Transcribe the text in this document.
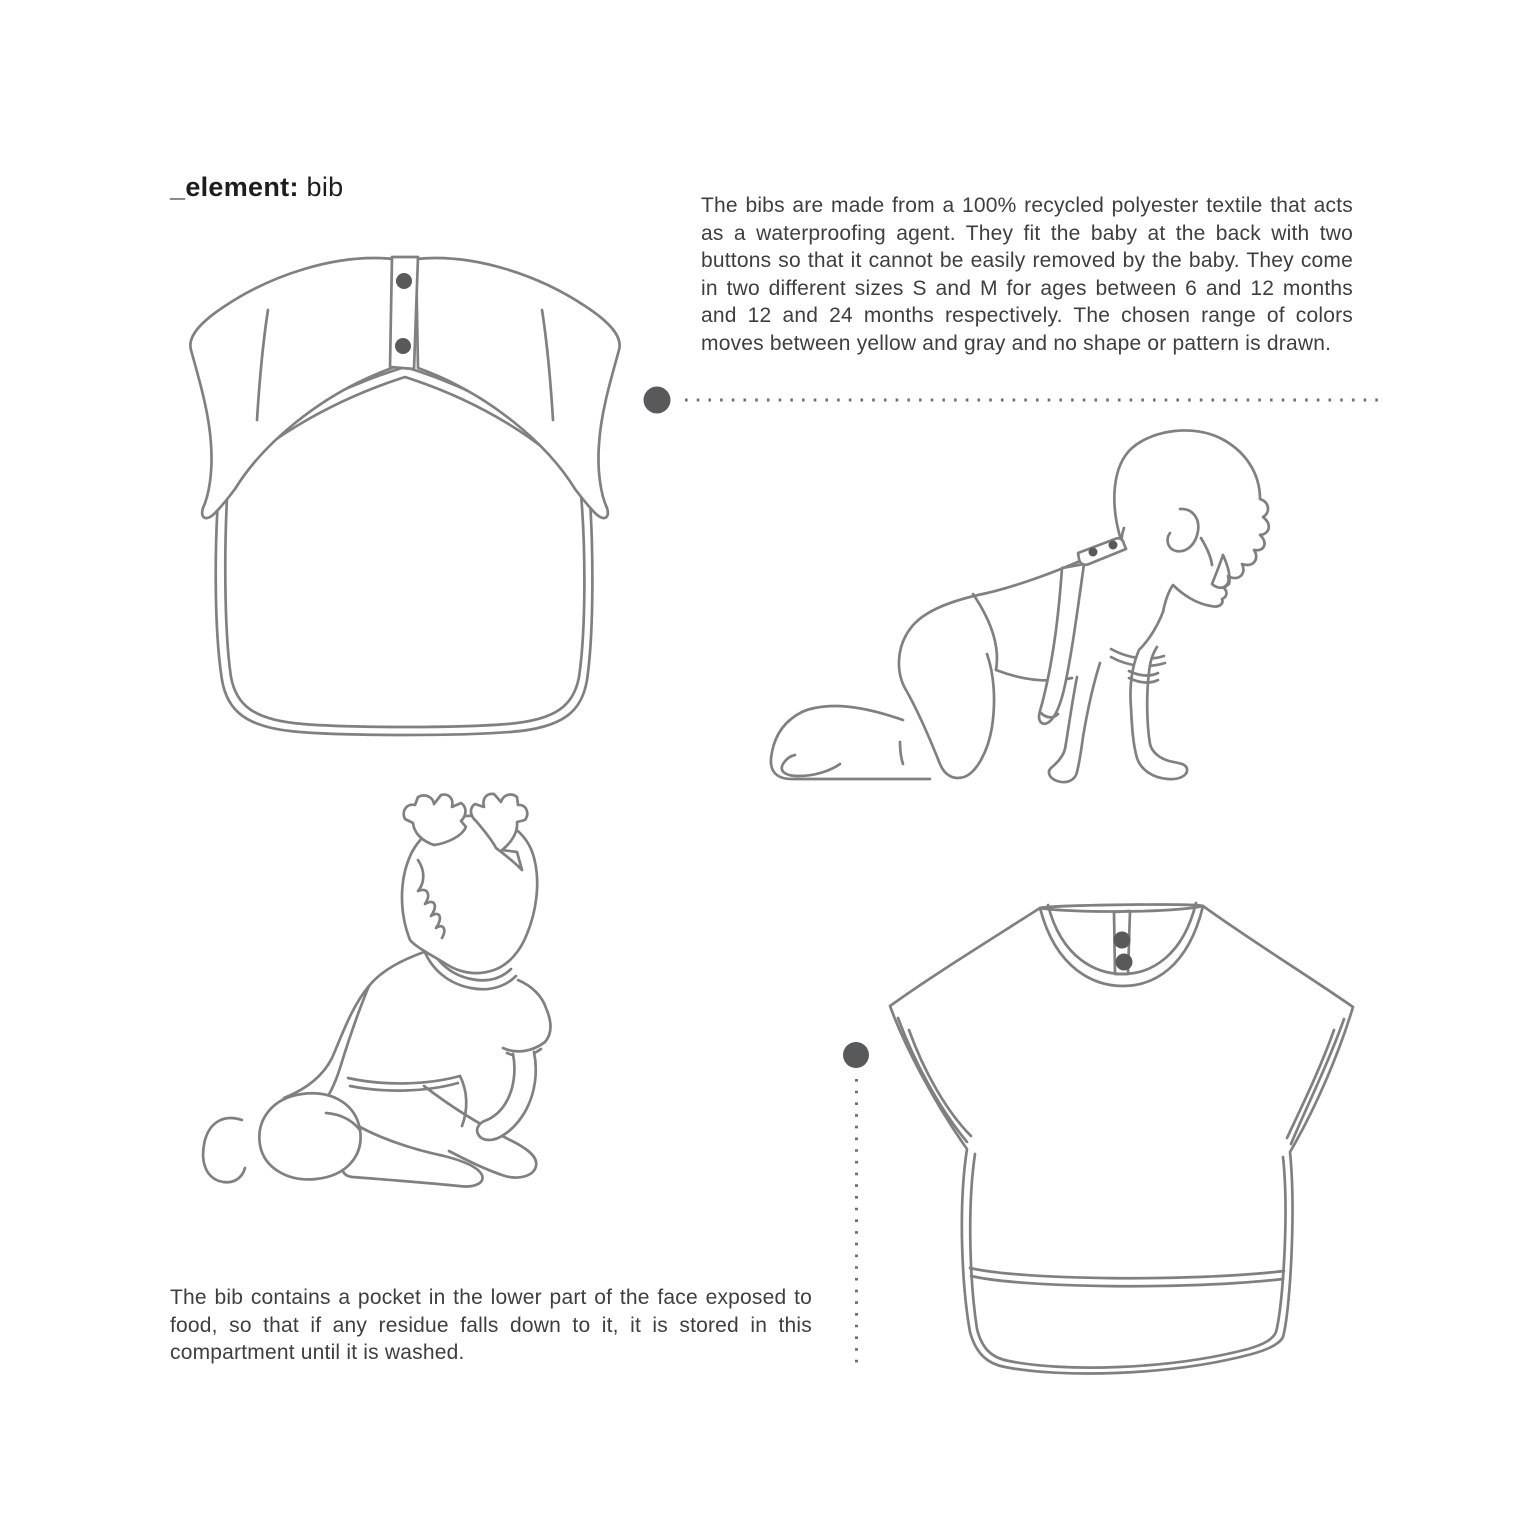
_element: bib
The bibs are made from a 100% recycled polyester textile that acts as a waterproofing agent. They fit the baby at the back with two buttons so that it cannot be easily removed by the baby. They come in two different sizes S and M for ages between 6 and 12 months and 12 and 24 months respectively. The chosen range of colors moves between yellow and gray and no shape or pattern is drawn.
The bib contains a pocket in the lower part of the face exposed to food, so that if any residue falls down to it, it is stored in this compartment until it is washed.
